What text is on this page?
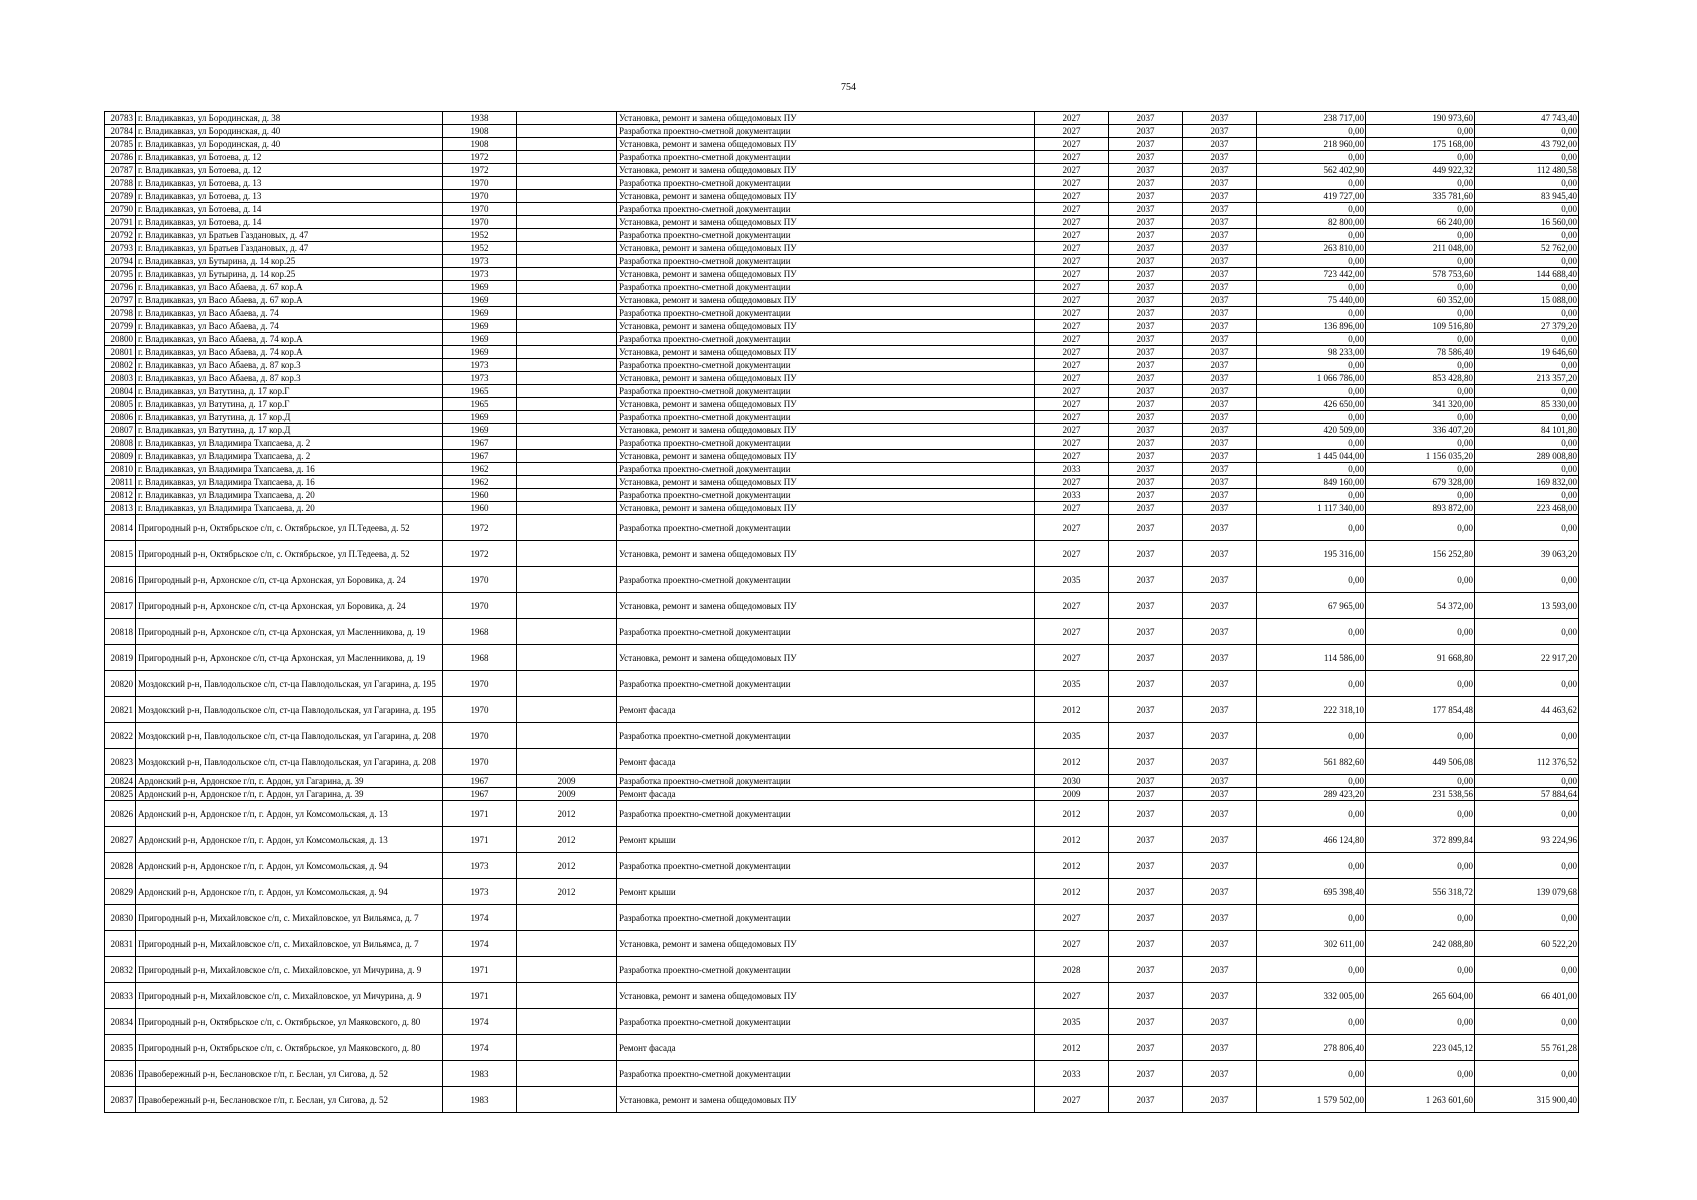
754
20783	г. Владикавказ, ул Бородинская, д. 38	1938		Установка, ремонт и замена общедомовых ПУ	2027	2037	2037	238 717,00	190 973,60	47 743,40
20784	г. Владикавказ, ул Бородинская, д. 40	1908		Разработка проектно-сметной документации	2027	2037	2037	0,00	0,00	0,00
20785	г. Владикавказ, ул Бородинская, д. 40	1908		Установка, ремонт и замена общедомовых ПУ	2027	2037	2037	218 960,00	175 168,00	43 792,00
20786	г. Владикавказ, ул Ботоева, д. 12	1972		Разработка проектно-сметной документации	2027	2037	2037	0,00	0,00	0,00
20787	г. Владикавказ, ул Ботоева, д. 12	1972		Установка, ремонт и замена общедомовых ПУ	2027	2037	2037	562 402,90	449 922,32	112 480,58
20788	г. Владикавказ, ул Ботоева, д. 13	1970		Разработка проектно-сметной документации	2027	2037	2037	0,00	0,00	0,00
20789	г. Владикавказ, ул Ботоева, д. 13	1970		Установка, ремонт и замена общедомовых ПУ	2027	2037	2037	419 727,00	335 781,60	83 945,40
20790	г. Владикавказ, ул Ботоева, д. 14	1970		Разработка проектно-сметной документации	2027	2037	2037	0,00	0,00	0,00
20791	г. Владикавказ, ул Ботоева, д. 14	1970		Установка, ремонт и замена общедомовых ПУ	2027	2037	2037	82 800,00	66 240,00	16 560,00
20792	г. Владикавказ, ул Братьев Газдановых, д. 47	1952		Разработка проектно-сметной документации	2027	2037	2037	0,00	0,00	0,00
20793	г. Владикавказ, ул Братьев Газдановых, д. 47	1952		Установка, ремонт и замена общедомовых ПУ	2027	2037	2037	263 810,00	211 048,00	52 762,00
20794	г. Владикавказ, ул Бутырина, д. 14 кор.25	1973		Разработка проектно-сметной документации	2027	2037	2037	0,00	0,00	0,00
20795	г. Владикавказ, ул Бутырина, д. 14 кор.25	1973		Установка, ремонт и замена общедомовых ПУ	2027	2037	2037	723 442,00	578 753,60	144 688,40
20796	г. Владикавказ, ул Васо Абаева, д. 67 кор.А	1969		Разработка проектно-сметной документации	2027	2037	2037	0,00	0,00	0,00
20797	г. Владикавказ, ул Васо Абаева, д. 67 кор.А	1969		Установка, ремонт и замена общедомовых ПУ	2027	2037	2037	75 440,00	60 352,00	15 088,00
20798	г. Владикавказ, ул Васо Абаева, д. 74	1969		Разработка проектно-сметной документации	2027	2037	2037	0,00	0,00	0,00
20799	г. Владикавказ, ул Васо Абаева, д. 74	1969		Установка, ремонт и замена общедомовых ПУ	2027	2037	2037	136 896,00	109 516,80	27 379,20
20800	г. Владикавказ, ул Васо Абаева, д. 74 кор.А	1969		Разработка проектно-сметной документации	2027	2037	2037	0,00	0,00	0,00
20801	г. Владикавказ, ул Васо Абаева, д. 74 кор.А	1969		Установка, ремонт и замена общедомовых ПУ	2027	2037	2037	98 233,00	78 586,40	19 646,60
20802	г. Владикавказ, ул Васо Абаева, д. 87 кор.3	1973		Разработка проектно-сметной документации	2027	2037	2037	0,00	0,00	0,00
20803	г. Владикавказ, ул Васо Абаева, д. 87 кор.3	1973		Установка, ремонт и замена общедомовых ПУ	2027	2037	2037	1 066 786,00	853 428,80	213 357,20
20804	г. Владикавказ, ул Ватутина, д. 17 кор.Г	1965		Разработка проектно-сметной документации	2027	2037	2037	0,00	0,00	0,00
20805	г. Владикавказ, ул Ватутина, д. 17 кор.Г	1965		Установка, ремонт и замена общедомовых ПУ	2027	2037	2037	426 650,00	341 320,00	85 330,00
20806	г. Владикавказ, ул Ватутина, д. 17 кор.Д	1969		Разработка проектно-сметной документации	2027	2037	2037	0,00	0,00	0,00
20807	г. Владикавказ, ул Ватутина, д. 17 кор.Д	1969		Установка, ремонт и замена общедомовых ПУ	2027	2037	2037	420 509,00	336 407,20	84 101,80
20808	г. Владикавказ, ул Владимира Тхапсаева, д. 2	1967		Разработка проектно-сметной документации	2027	2037	2037	0,00	0,00	0,00
20809	г. Владикавказ, ул Владимира Тхапсаева, д. 2	1967		Установка, ремонт и замена общедомовых ПУ	2027	2037	2037	1 445 044,00	1 156 035,20	289 008,80
20810	г. Владикавказ, ул Владимира Тхапсаева, д. 16	1962		Разработка проектно-сметной документации	2033	2037	2037	0,00	0,00	0,00
20811	г. Владикавказ, ул Владимира Тхапсаева, д. 16	1962		Установка, ремонт и замена общедомовых ПУ	2027	2037	2037	849 160,00	679 328,00	169 832,00
20812	г. Владикавказ, ул Владимира Тхапсаева, д. 20	1960		Разработка проектно-сметной документации	2033	2037	2037	0,00	0,00	0,00
20813	г. Владикавказ, ул Владимира Тхапсаева, д. 20	1960		Установка, ремонт и замена общедомовых ПУ	2027	2037	2037	1 117 340,00	893 872,00	223 468,00
20814	Пригородный р-н, Октябрьское с/п, с. Октябрьское, ул П.Тедеева, д. 52	1972		Разработка проектно-сметной документации	2027	2037	2037	0,00	0,00	0,00
20815	Пригородный р-н, Октябрьское с/п, с. Октябрьское, ул П.Тедеева, д. 52	1972		Установка, ремонт и замена общедомовых ПУ	2027	2037	2037	195 316,00	156 252,80	39 063,20
20816	Пригородный р-н, Архонское с/п, ст-ца Архонская, ул Боровика, д. 24	1970		Разработка проектно-сметной документации	2035	2037	2037	0,00	0,00	0,00
20817	Пригородный р-н, Архонское с/п, ст-ца Архонская, ул Боровика, д. 24	1970		Установка, ремонт и замена общедомовых ПУ	2027	2037	2037	67 965,00	54 372,00	13 593,00
20818	Пригородный р-н, Архонское с/п, ст-ца Архонская, ул Масленникова, д. 19	1968		Разработка проектно-сметной документации	2027	2037	2037	0,00	0,00	0,00
20819	Пригородный р-н, Архонское с/п, ст-ца Архонская, ул Масленникова, д. 19	1968		Установка, ремонт и замена общедомовых ПУ	2027	2037	2037	114 586,00	91 668,80	22 917,20
20820	Моздокский р-н, Павлодольское с/п, ст-ца Павлодольская, ул Гагарина, д. 195	1970		Разработка проектно-сметной документации	2035	2037	2037	0,00	0,00	0,00
20821	Моздокский р-н, Павлодольское с/п, ст-ца Павлодольская, ул Гагарина, д. 195	1970		Ремонт фасада	2012	2037	2037	222 318,10	177 854,48	44 463,62
20822	Моздокский р-н, Павлодольское с/п, ст-ца Павлодольская, ул Гагарина, д. 208	1970		Разработка проектно-сметной документации	2035	2037	2037	0,00	0,00	0,00
20823	Моздокский р-н, Павлодольское с/п, ст-ца Павлодольская, ул Гагарина, д. 208	1970		Ремонт фасада	2012	2037	2037	561 882,60	449 506,08	112 376,52
20824	Ардонский р-н, Ардонское г/п, г. Ардон, ул Гагарина, д. 39	1967	2009	Разработка проектно-сметной документации	2030	2037	2037	0,00	0,00	0,00
20825	Ардонский р-н, Ардонское г/п, г. Ардон, ул Гагарина, д. 39	1967	2009	Ремонт фасада	2009	2037	2037	289 423,20	231 538,56	57 884,64
20826	Ардонский р-н, Ардонское г/п, г. Ардон, ул Комсомольская, д. 13	1971	2012	Разработка проектно-сметной документации	2012	2037	2037	0,00	0,00	0,00
20827	Ардонский р-н, Ардонское г/п, г. Ардон, ул Комсомольская, д. 13	1971	2012	Ремонт крыши	2012	2037	2037	466 124,80	372 899,84	93 224,96
20828	Ардонский р-н, Ардонское г/п, г. Ардон, ул Комсомольская, д. 94	1973	2012	Разработка проектно-сметной документации	2012	2037	2037	0,00	0,00	0,00
20829	Ардонский р-н, Ардонское г/п, г. Ардон, ул Комсомольская, д. 94	1973	2012	Ремонт крыши	2012	2037	2037	695 398,40	556 318,72	139 079,68
20830	Пригородный р-н, Михайловское с/п, с. Михайловское, ул Вильямса, д. 7	1974		Разработка проектно-сметной документации	2027	2037	2037	0,00	0,00	0,00
20831	Пригородный р-н, Михайловское с/п, с. Михайловское, ул Вильямса, д. 7	1974		Установка, ремонт и замена общедомовых ПУ	2027	2037	2037	302 611,00	242 088,80	60 522,20
20832	Пригородный р-н, Михайловское с/п, с. Михайловское, ул Мичурина, д. 9	1971		Разработка проектно-сметной документации	2028	2037	2037	0,00	0,00	0,00
20833	Пригородный р-н, Михайловское с/п, с. Михайловское, ул Мичурина, д. 9	1971		Установка, ремонт и замена общедомовых ПУ	2027	2037	2037	332 005,00	265 604,00	66 401,00
20834	Пригородный р-н, Октябрьское с/п, с. Октябрьское, ул Маяковского, д. 80	1974		Разработка проектно-сметной документации	2035	2037	2037	0,00	0,00	0,00
20835	Пригородный р-н, Октябрьское с/п, с. Октябрьское, ул Маяковского, д. 80	1974		Ремонт фасада	2012	2037	2037	278 806,40	223 045,12	55 761,28
20836	Правобережный р-н, Беслановское г/п, г. Беслан, ул Сигова, д. 52	1983		Разработка проектно-сметной документации	2033	2037	2037	0,00	0,00	0,00
20837	Правобережный р-н, Беслановское г/п, г. Беслан, ул Сигова, д. 52	1983		Установка, ремонт и замена общедомовых ПУ	2027	2037	2037	1 579 502,00	1 263 601,60	315 900,40
